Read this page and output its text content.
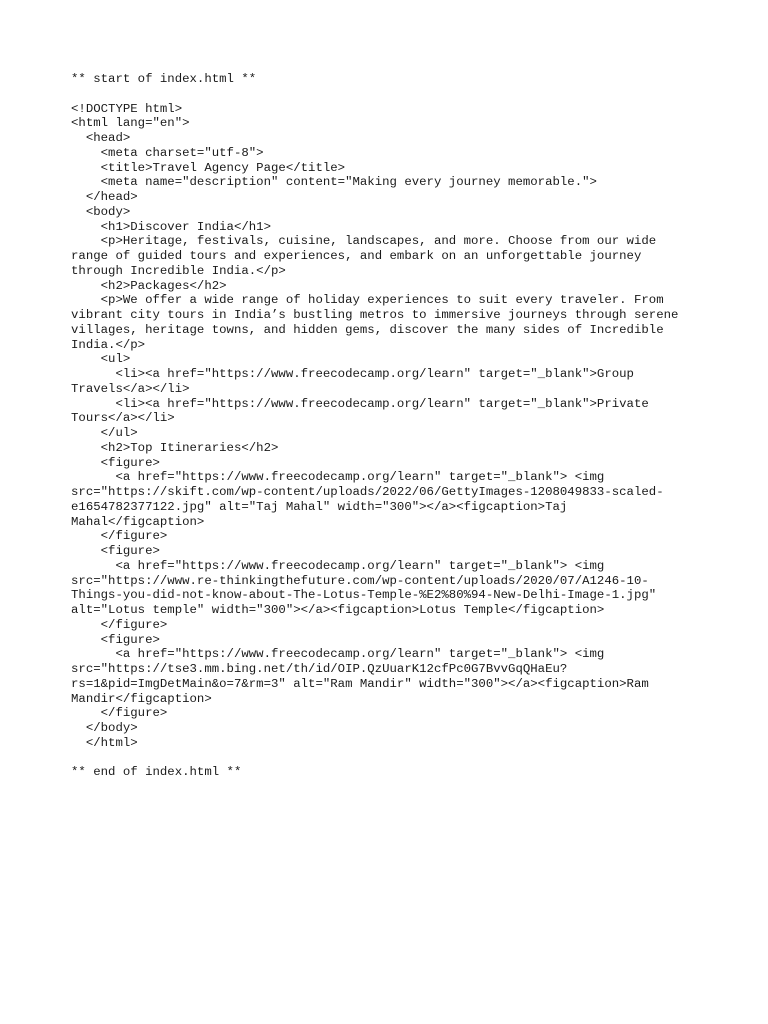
** start of index.html **
<!DOCTYPE html>
<html lang="en">
<head>
<meta charset="utf-8">
<title>Travel Agency Page</title>
<meta name="description" content="Making every journey memorable.">
</head>
<body>
<h1>Discover India</h1>
<p>Heritage, festivals, cuisine, landscapes, and more. Choose from our wide
range of guided tours and experiences, and embark on an unforgettable journey
through Incredible India.</p>
<h2>Packages</h2>
<p>We offer a wide range of holiday experiences to suit every traveler. From
vibrant city tours in India’s bustling metros to immersive journeys through serene
villages, heritage towns, and hidden gems, discover the many sides of Incredible
India.</p>
<ul>
<li><a href="https://www.freecodecamp.org/learn" target="_blank">Group
Travels</a></li>
<li><a href="https://www.freecodecamp.org/learn" target="_blank">Private
Tours</a></li>
</ul>
<h2>Top Itineraries</h2>
<figure>
<a href="https://www.freecodecamp.org/learn" target="_blank"> <img
src="https://skift.com/wp-content/uploads/2022/06/GettyImages-1208049833-scaled-
e1654782377122.jpg" alt="Taj Mahal" width="300"></a><figcaption>Taj
Mahal</figcaption>
</figure>
<figure>
<a href="https://www.freecodecamp.org/learn" target="_blank"> <img
src="https://www.re-thinkingthefuture.com/wp-content/uploads/2020/07/A1246-10-
Things-you-did-not-know-about-The-Lotus-Temple-%E2%80%94-New-Delhi-Image-1.jpg"
alt="Lotus temple" width="300"></a><figcaption>Lotus Temple</figcaption>
</figure>
<figure>
<a href="https://www.freecodecamp.org/learn" target="_blank"> <img
src="https://tse3.mm.bing.net/th/id/OIP.QzUuarK12cfPc0G7BvvGqQHaEu?
rs=1&pid=ImgDetMain&o=7&rm=3" alt="Ram Mandir" width="300"></a><figcaption>Ram
Mandir</figcaption>
</figure>
</body>
</html>
** end of index.html **
